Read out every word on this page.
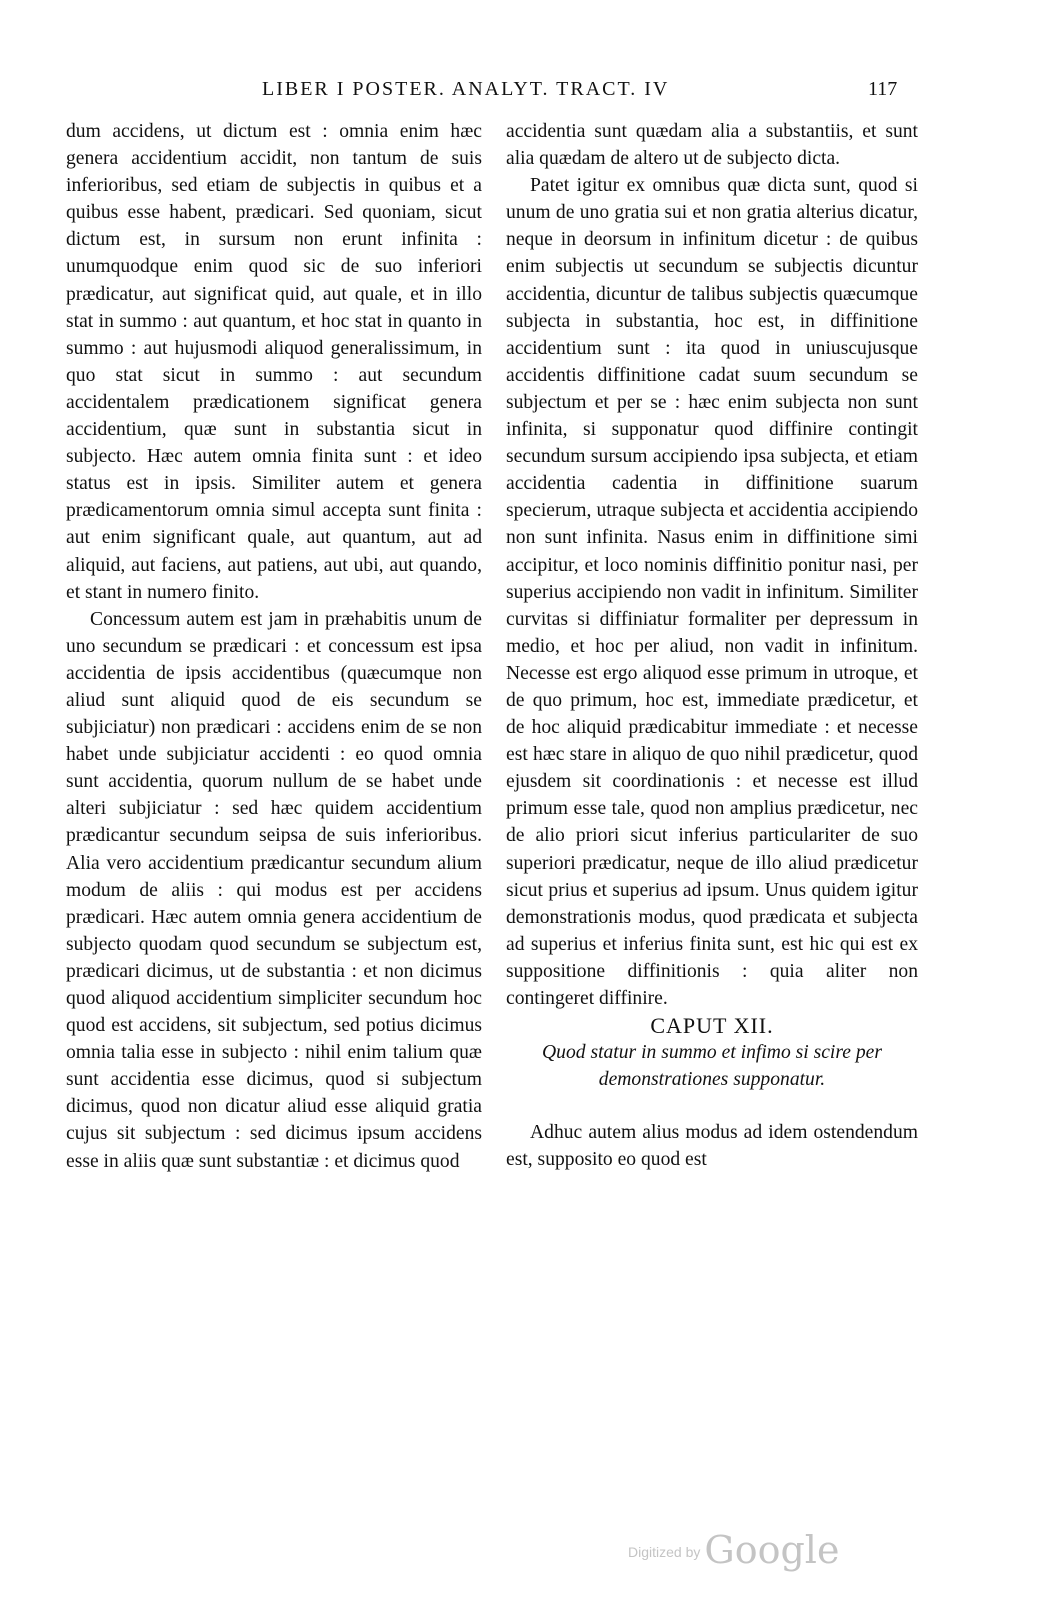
LIBER I POSTER. ANALYT. TRACT. IV	117

dum accidens, ut dictum est : omnia enim hæc genera accidentium accidit, non tantum de suis inferioribus, sed etiam de subjectis in quibus et a quibus esse habent, prædicari. Sed quoniam, sicut dictum est, in sursum non erunt infinita : unumquodque enim quod sic de suo inferiori prædicatur, aut significat quid, aut quale, et in illo stat in summo : aut quantum, et hoc stat in quanto in summo : aut hujusmodi aliquod generalissimum, in quo stat sicut in summo : aut secundum accidentalem prædicationem significat genera accidentium, quæ sunt in substantia sicut in subjecto. Hæc autem omnia finita sunt : et ideo status est in ipsis. Similiter autem et genera prædicamentorum omnia simul accepta sunt finita : aut enim significant quale, aut quantum, aut ad aliquid, aut faciens, aut patiens, aut ubi, aut quando, et stant in numero finito.

Concessum autem est jam in præhabitis unum de uno secundum se prædicari : et concessum est ipsa accidentia de ipsis accidentibus (quæcumque non aliud sunt aliquid quod de eis secundum se subjiciatur) non prædicari : accidens enim de se non habet unde subjiciatur accidenti : eo quod omnia sunt accidentia, quorum nullum de se habet unde alteri subjiciatur : sed hæc quidem accidentium prædicantur secundum seipsa de suis inferioribus. Alia vero accidentium prædicantur secundum alium modum de aliis : qui modus est per accidens prædicari. Hæc autem omnia genera accidentium de subjecto quodam quod secundum se subjectum est, prædicari dicimus, ut de substantia : et non dicimus quod aliquod accidentium simpliciter secundum hoc quod est accidens, sit subjectum, sed potius dicimus omnia talia esse in subjecto : nihil enim talium quæ sunt accidentia esse dicimus, quod si subjectum dicimus, quod non dicatur aliud esse aliquid gratia cujus sit subjectum : sed dicimus ipsum accidens esse in aliis quæ sunt substantiæ : et dicimus quod

accidentia sunt quædam alia a substantiis, et sunt alia quædam de altero ut de subjecto dicta.

Patet igitur ex omnibus quæ dicta sunt, quod si unum de uno gratia sui et non gratia alterius dicatur, neque in deorsum in infinitum dicetur : de quibus enim subjectis ut secundum se subjectis dicuntur accidentia, dicuntur de talibus subjectis quæcumque subjecta in substantia, hoc est, in diffinitione accidentium sunt : ita quod in uniuscujusque accidentis diffinitione cadat suum secundum se subjectum et per se : hæc enim subjecta non sunt infinita, si supponatur quod diffinire contingit secundum sursum accipiendo ipsa subjecta, et etiam accidentia cadentia in diffinitione suarum specierum, utraque subjecta et accidentia accipiendo non sunt infinita. Nasus enim in diffinitione simi accipitur, et loco nominis diffinitio ponitur nasi, per superius accipiendo non vadit in infinitum. Similiter curvitas si diffiniatur formaliter per depressum in medio, et hoc per aliud, non vadit in infinitum. Necesse est ergo aliquod esse primum in utroque, et de quo primum, hoc est, immediate prædicetur, et de hoc aliquid prædicabitur immediate : et necesse est hæc stare in aliquo de quo nihil prædicetur, quod ejusdem sit coordinationis : et necesse est illud primum esse tale, quod non amplius prædicetur, nec de alio priori sicut inferius particulariter de suo superiori prædicatur, neque de illo aliud prædicetur sicut prius et superius ad ipsum. Unus quidem igitur demonstrationis modus, quod prædicata et subjecta ad superius et inferius finita sunt, est hic qui est ex suppositione diffinitionis : quia aliter non contingeret diffinire.

CAPUT XII.

Quod statur in summo et infimo si scire per demonstrationes supponatur.

Adhuc autem alius modus ad idem ostendendum est, supposito eo quod est

Digitized by Google
